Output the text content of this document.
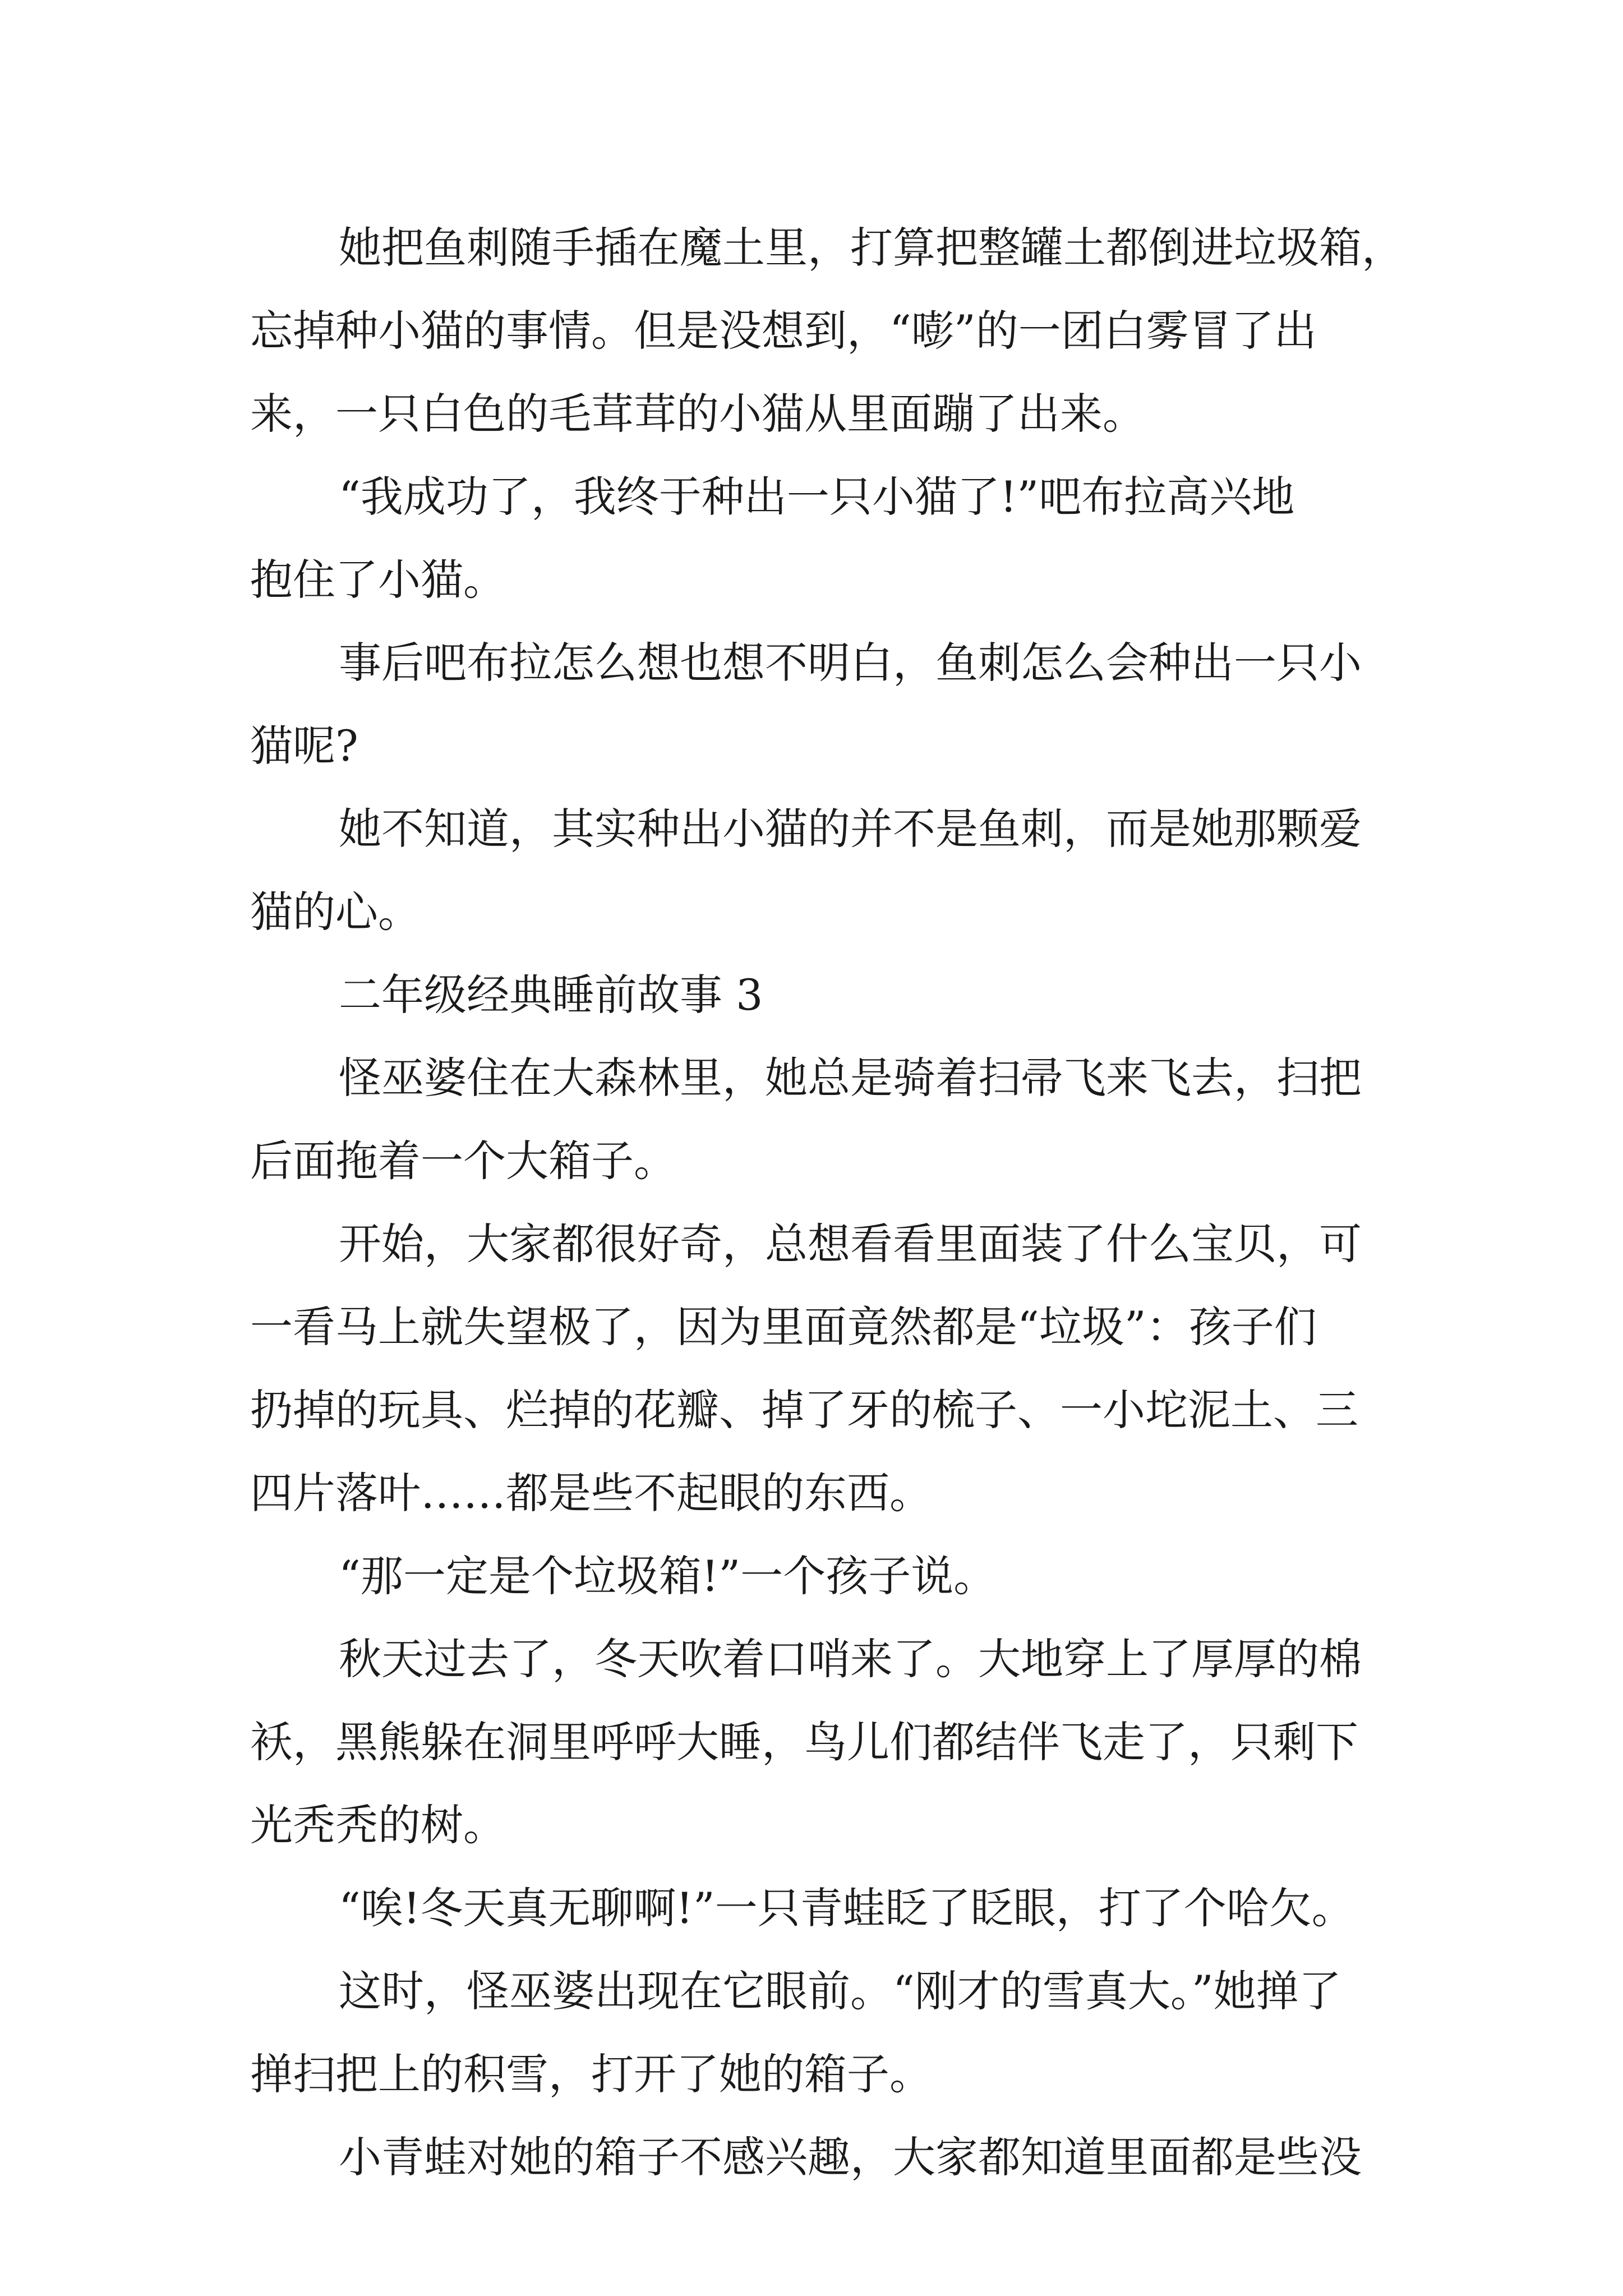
她把鱼刺随手插在魔土里，打算把整罐土都倒进垃圾箱，
忘掉种小猫的事情。但是没想到，“嘭”的一团白雾冒了出
来，一只白色的毛茸茸的小猫从里面蹦了出来。
“我成功了，我终于种出一只小猫了!”吧布拉高兴地
抱住了小猫。
事后吧布拉怎么想也想不明白，鱼刺怎么会种出一只小
猫呢?
她不知道，其实种出小猫的并不是鱼刺，而是她那颗爱
猫的心。
二年级经典睡前故事 3
怪巫婆住在大森林里，她总是骑着扫帚飞来飞去，扫把
后面拖着一个大箱子。
开始，大家都很好奇，总想看看里面装了什么宝贝，可
一看马上就失望极了，因为里面竟然都是“垃圾”：孩子们
扔掉的玩具、烂掉的花瓣、掉了牙的梳子、一小坨泥土、三
四片落叶……都是些不起眼的东西。
“那一定是个垃圾箱!”一个孩子说。
秋天过去了，冬天吹着口哨来了。大地穿上了厚厚的棉
袄，黑熊躲在洞里呼呼大睡，鸟儿们都结伴飞走了，只剩下
光秃秃的树。
“唉!冬天真无聊啊!”一只青蛙眨了眨眼，打了个哈欠。
这时，怪巫婆出现在它眼前。“刚才的雪真大。”她掸了
掸扫把上的积雪，打开了她的箱子。
小青蛙对她的箱子不感兴趣，大家都知道里面都是些没
